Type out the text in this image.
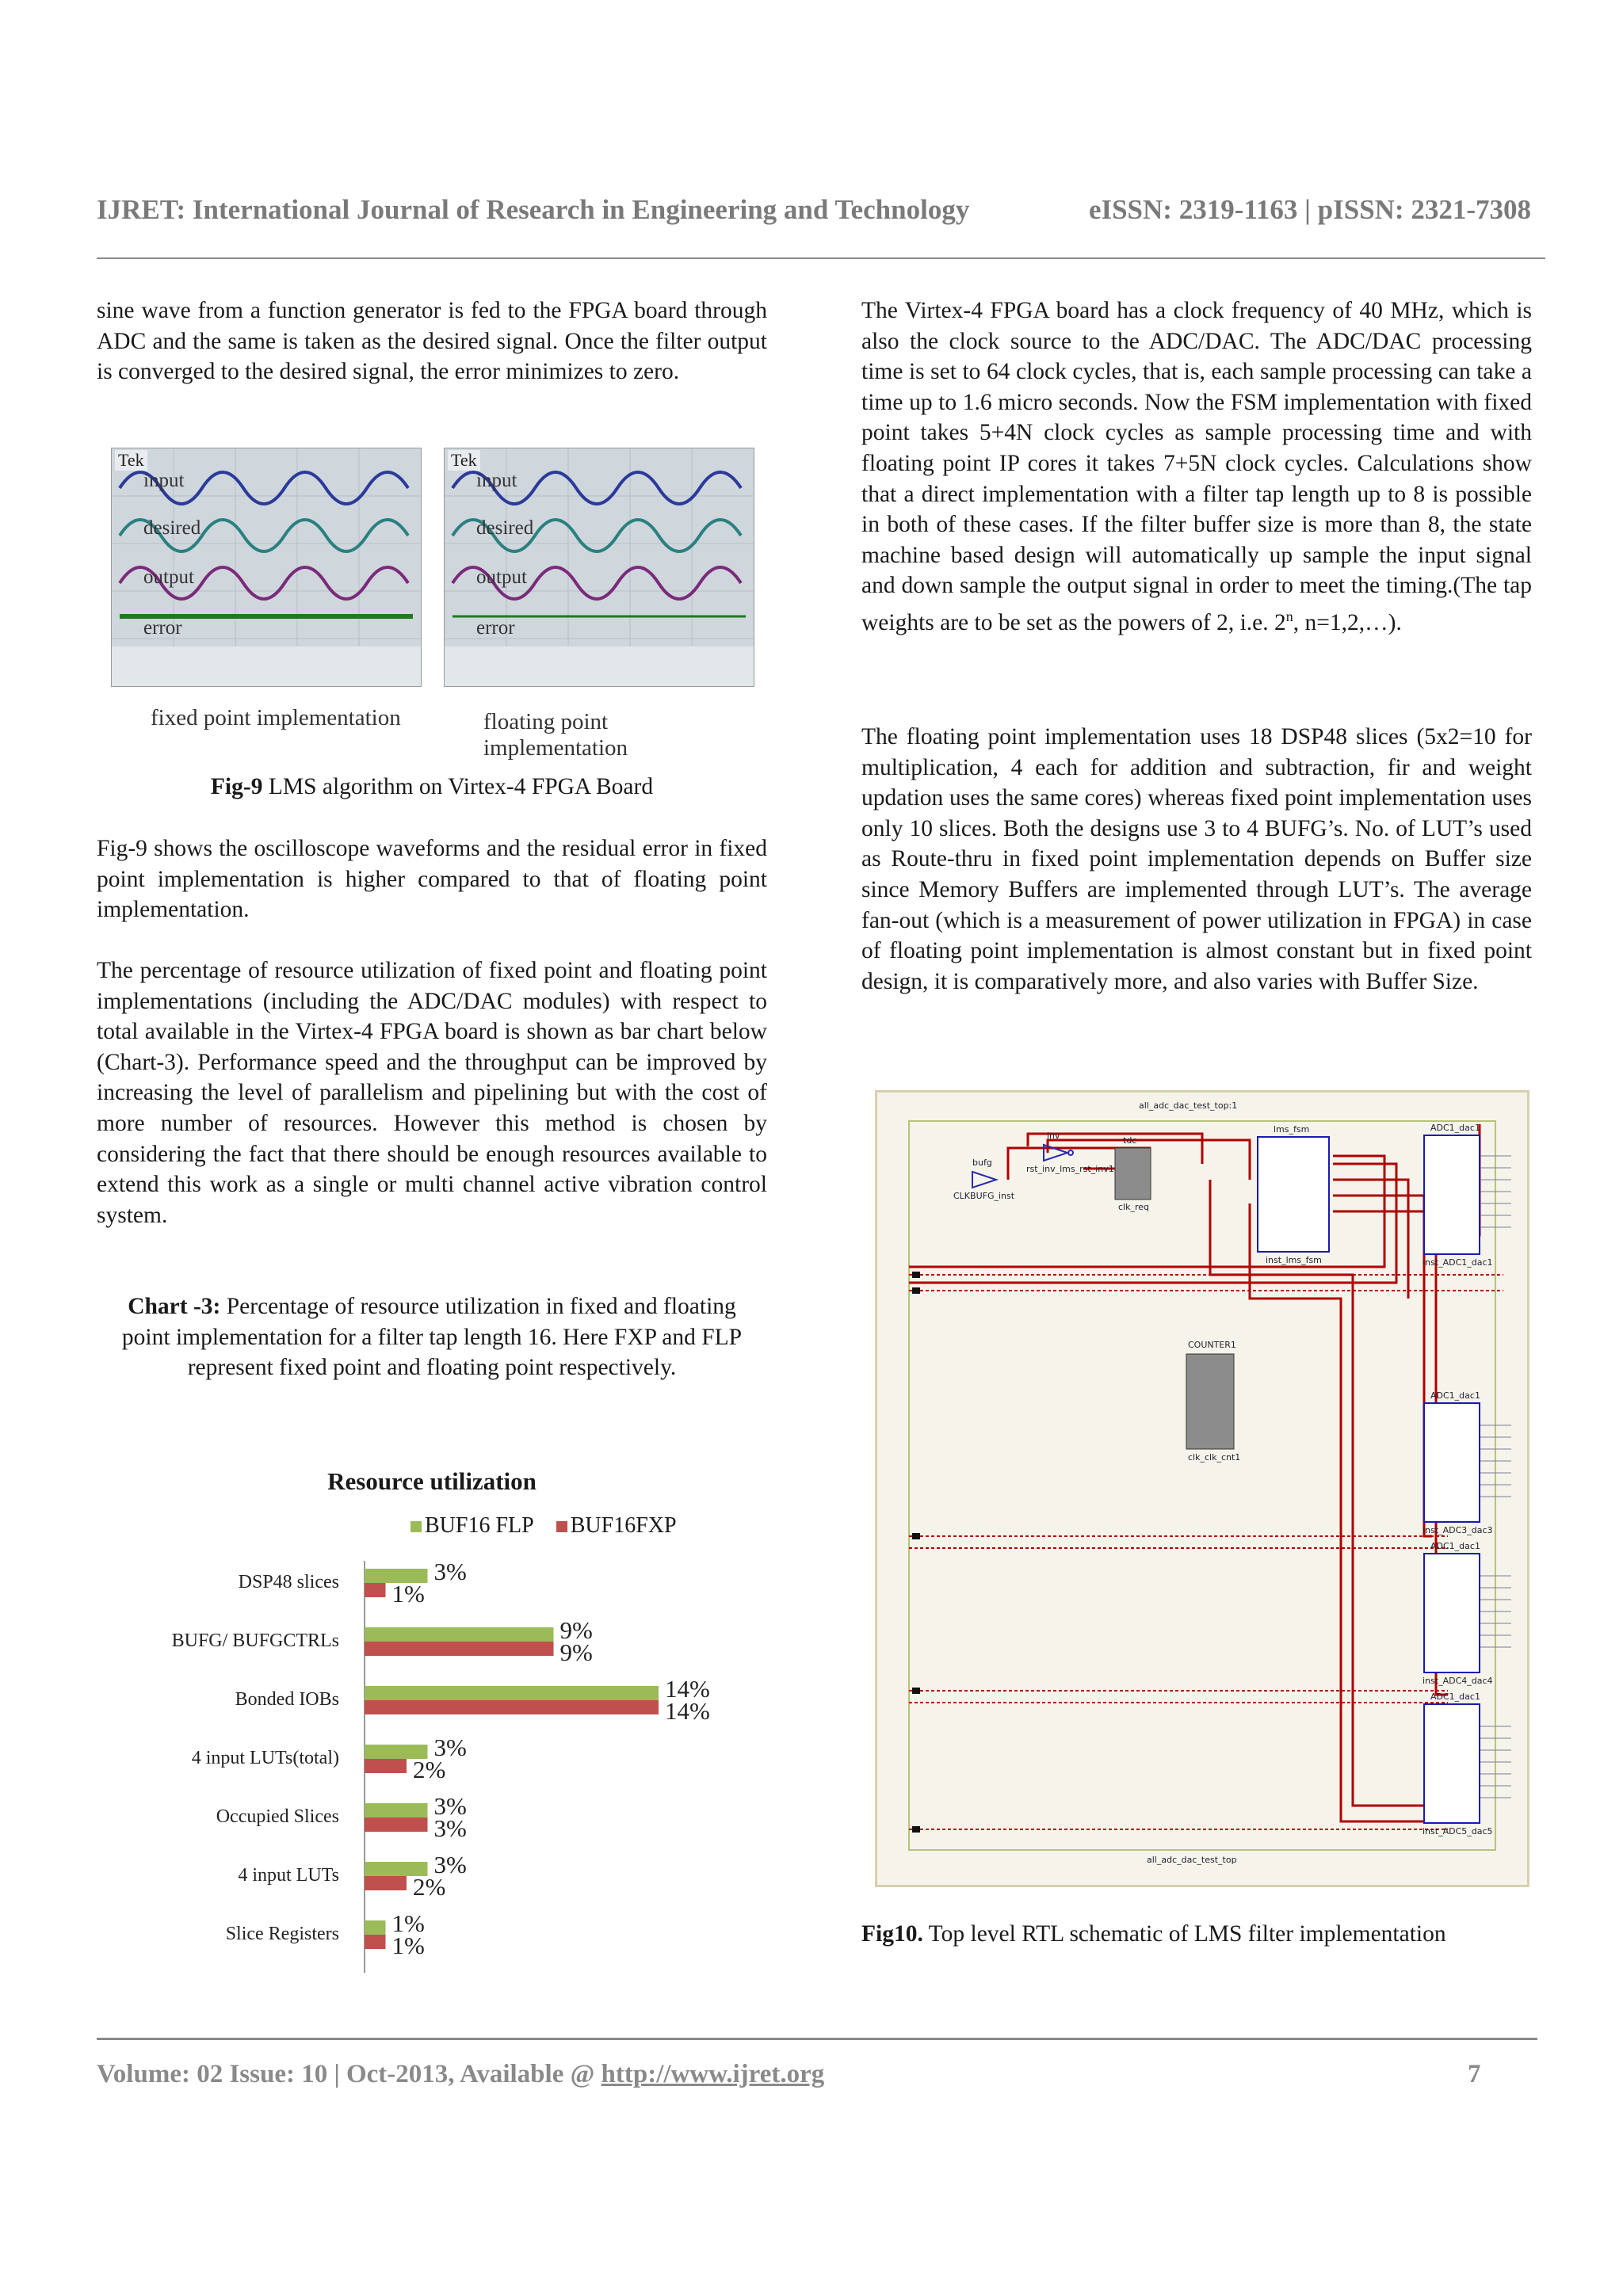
IJRET: International Journal of Research in Engineering and Technology	eISSN: 2319-1163 | pISSN: 2321-7308

sine wave from a function generator is fed to the FPGA board through ADC and the same is taken as the desired signal. Once the filter output is converged to the desired signal, the error minimizes to zero.

Tek
input
desired
output
error
Tek
input
desired
output
error
fixed point implementation	floating point implementation

Fig-9 LMS algorithm on Virtex-4 FPGA Board

Fig-9 shows the oscilloscope waveforms and the residual error in fixed point implementation is higher compared to that of floating point implementation.

The percentage of resource utilization of fixed point and floating point implementations (including the ADC/DAC modules) with respect to total available in the Virtex-4 FPGA board is shown as bar chart below (Chart-3). Performance speed and the throughput can be improved by increasing the level of parallelism and pipelining but with the cost of more number of resources. However this method is chosen by considering the fact that there should be enough resources available to extend this work as a single or multi channel active vibration control system.

Chart -3: Percentage of resource utilization in fixed and floating point implementation for a filter tap length 16. Here FXP and FLP represent fixed point and floating point respectively.

Resource utilization
BUF16 FLP BUF16FXP
DSP48 slices	3%
1%
BUFG/ BUFGCTRLs	9%
9%
Bonded IOBs	14%
14%
4 input LUTs(total)	3%
2%
Occupied Slices	3%
3%
4 input LUTs	3%
2%
Slice Registers 1%
1%

The Virtex-4 FPGA board has a clock frequency of 40 MHz, which is also the clock source to the ADC/DAC. The ADC/DAC processing time is set to 64 clock cycles, that is, each sample processing can take a time up to 1.6 micro seconds. Now the FSM implementation with fixed point takes 5+4N clock cycles as sample processing time and with floating point IP cores it takes 7+5N clock cycles. Calculations show that a direct implementation with a filter tap length up to 8 is possible in both of these cases. If the filter buffer size is more than 8, the state machine based design will automatically up sample the input signal and down sample the output signal in order to meet the timing.(The tap weights are to be set as the powers of 2, i.e. 2$^n$, n=1,2,…).

The floating point implementation uses 18 DSP48 slices (5x2=10 for multiplication, 4 each for addition and subtraction, fir and weight updation uses the same cores) whereas fixed point implementation uses only 10 slices. Both the designs use 3 to 4 BUFG’s. No. of LUT’s used as Route-thru in fixed point implementation depends on Buffer size since Memory Buffers are implemented through LUT’s. The average fan-out (which is a measurement of power utilization in FPGA) in case of floating point implementation is almost constant but in fixed point design, it is comparatively more, and also varies with Buffer Size.

all_adc_dac_test_top:1
bufg
CLKBUFG_inst
inv
rst_inv_lms_rst_inv1
tdc
clk_req
lms_fsm
inst_lms_fsm
COUNTER1
clk_clk_cnt1
ADC1_dac1
inst_ADC1_dac1
ADC1_dac1
inst_ADC3_dac3
ADC1_dac1
inst_ADC4_dac4
ADC1_dac1
inst_ADC5_dac5
all_adc_dac_test_top

Fig10. Top level RTL schematic of LMS filter implementation

Volume: 02 Issue: 10 | Oct-2013, Available @ http://www.ijret.org	7
